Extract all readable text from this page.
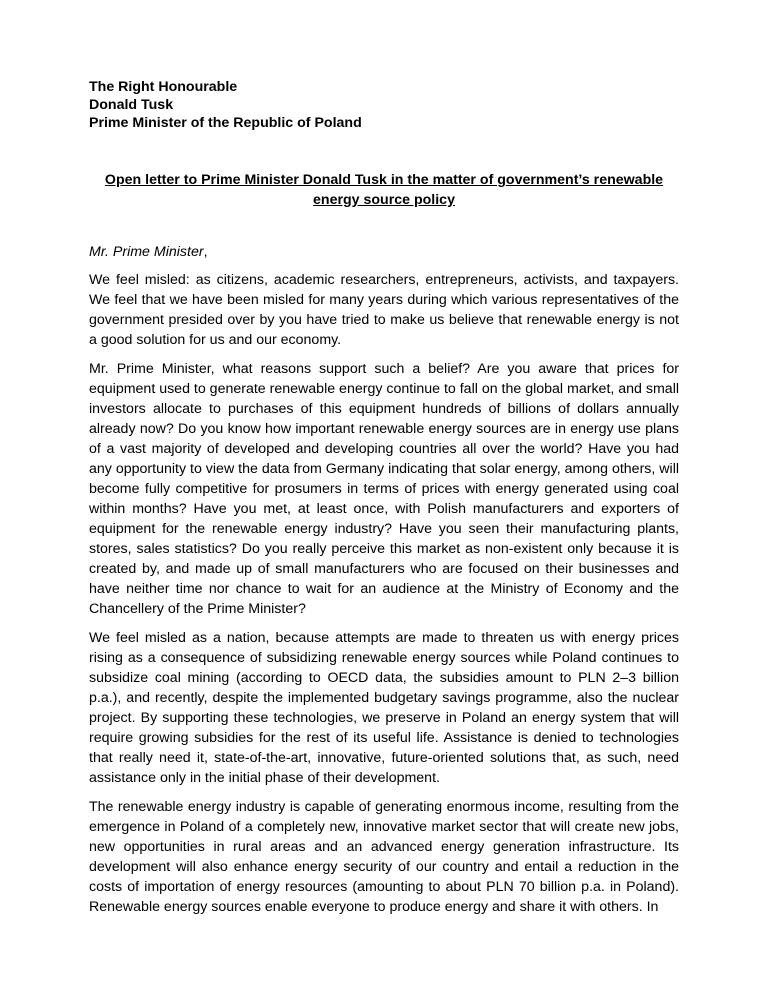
The Right Honourable
Donald Tusk
Prime Minister of the Republic of Poland
Open letter to Prime Minister Donald Tusk in the matter of government’s renewable energy source policy
Mr. Prime Minister,

We feel misled: as citizens, academic researchers, entrepreneurs, activists, and taxpayers. We feel that we have been misled for many years during which various representatives of the government presided over by you have tried to make us believe that renewable energy is not a good solution for us and our economy.

Mr. Prime Minister, what reasons support such a belief? Are you aware that prices for equipment used to generate renewable energy continue to fall on the global market, and small investors allocate to purchases of this equipment hundreds of billions of dollars annually already now? Do you know how important renewable energy sources are in energy use plans of a vast majority of developed and developing countries all over the world? Have you had any opportunity to view the data from Germany indicating that solar energy, among others, will become fully competitive for prosumers in terms of prices with energy generated using coal within months? Have you met, at least once, with Polish manufacturers and exporters of equipment for the renewable energy industry? Have you seen their manufacturing plants, stores, sales statistics? Do you really perceive this market as non-existent only because it is created by, and made up of small manufacturers who are focused on their businesses and have neither time nor chance to wait for an audience at the Ministry of Economy and the Chancellery of the Prime Minister?

We feel misled as a nation, because attempts are made to threaten us with energy prices rising as a consequence of subsidizing renewable energy sources while Poland continues to subsidize coal mining (according to OECD data, the subsidies amount to PLN 2–3 billion p.a.), and recently, despite the implemented budgetary savings programme, also the nuclear project. By supporting these technologies, we preserve in Poland an energy system that will require growing subsidies for the rest of its useful life. Assistance is denied to technologies that really need it, state-of-the-art, innovative, future-oriented solutions that, as such, need assistance only in the initial phase of their development.

The renewable energy industry is capable of generating enormous income, resulting from the emergence in Poland of a completely new, innovative market sector that will create new jobs, new opportunities in rural areas and an advanced energy generation infrastructure. Its development will also enhance energy security of our country and entail a reduction in the costs of importation of energy resources (amounting to about PLN 70 billion p.a. in Poland). Renewable energy sources enable everyone to produce energy and share it with others. In
